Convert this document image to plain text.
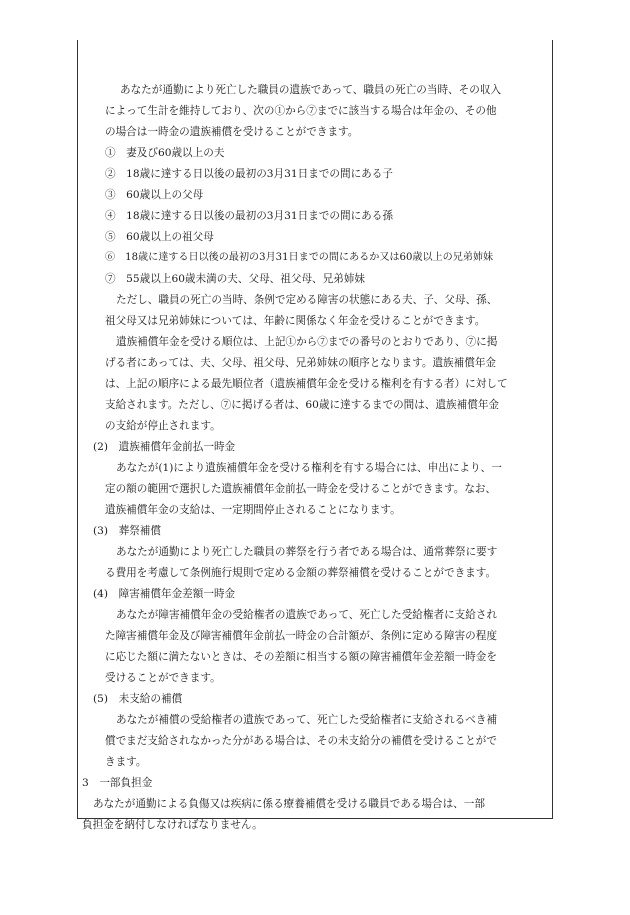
あなたが通勤により死亡した職員の遺族であって、職員の死亡の当時、その収入
によって生計を維持しており、次の①から⑦までに該当する場合は年金の、その他
の場合は一時金の遺族補償を受けることができます。
①　妻及び60歳以上の夫
②　18歳に達する日以後の最初の3月31日までの間にある子
③　60歳以上の父母
④　18歳に達する日以後の最初の3月31日までの間にある孫
⑤　60歳以上の祖父母
⑥　18歳に達する日以後の最初の3月31日までの間にあるか又は60歳以上の兄弟姉妹
⑦　55歳以上60歳未満の夫、父母、祖父母、兄弟姉妹
ただし、職員の死亡の当時、条例で定める障害の状態にある夫、子、父母、孫、
祖父母又は兄弟姉妹については、年齢に関係なく年金を受けることができます。
遺族補償年金を受ける順位は、上記①から⑦までの番号のとおりであり、⑦に掲
げる者にあっては、夫、父母、祖父母、兄弟姉妹の順序となります。遺族補償年金
は、上記の順序による最先順位者（遺族補償年金を受ける権利を有する者）に対して
支給されます。ただし、⑦に掲げる者は、60歳に達するまでの間は、遺族補償年金
の支給が停止されます。
(2)　遺族補償年金前払一時金
あなたが(1)により遺族補償年金を受ける権利を有する場合には、申出により、一
定の額の範囲で選択した遺族補償年金前払一時金を受けることができます。なお、
遺族補償年金の支給は、一定期間停止されることになります。
(3)　葬祭補償
あなたが通勤により死亡した職員の葬祭を行う者である場合は、通常葬祭に要す
る費用を考慮して条例施行規則で定める金額の葬祭補償を受けることができます。
(4)　障害補償年金差額一時金
あなたが障害補償年金の受給権者の遺族であって、死亡した受給権者に支給され
た障害補償年金及び障害補償年金前払一時金の合計額が、条例に定める障害の程度
に応じた額に満たないときは、その差額に相当する額の障害補償年金差額一時金を
受けることができます。
(5)　未支給の補償
あなたが補償の受給権者の遺族であって、死亡した受給権者に支給されるべき補
償でまだ支給されなかった分がある場合は、その未支給分の補償を受けることがで
きます。
3　一部負担金
あなたが通勤による負傷又は疾病に係る療養補償を受ける職員である場合は、一部
負担金を納付しなければなりません。
